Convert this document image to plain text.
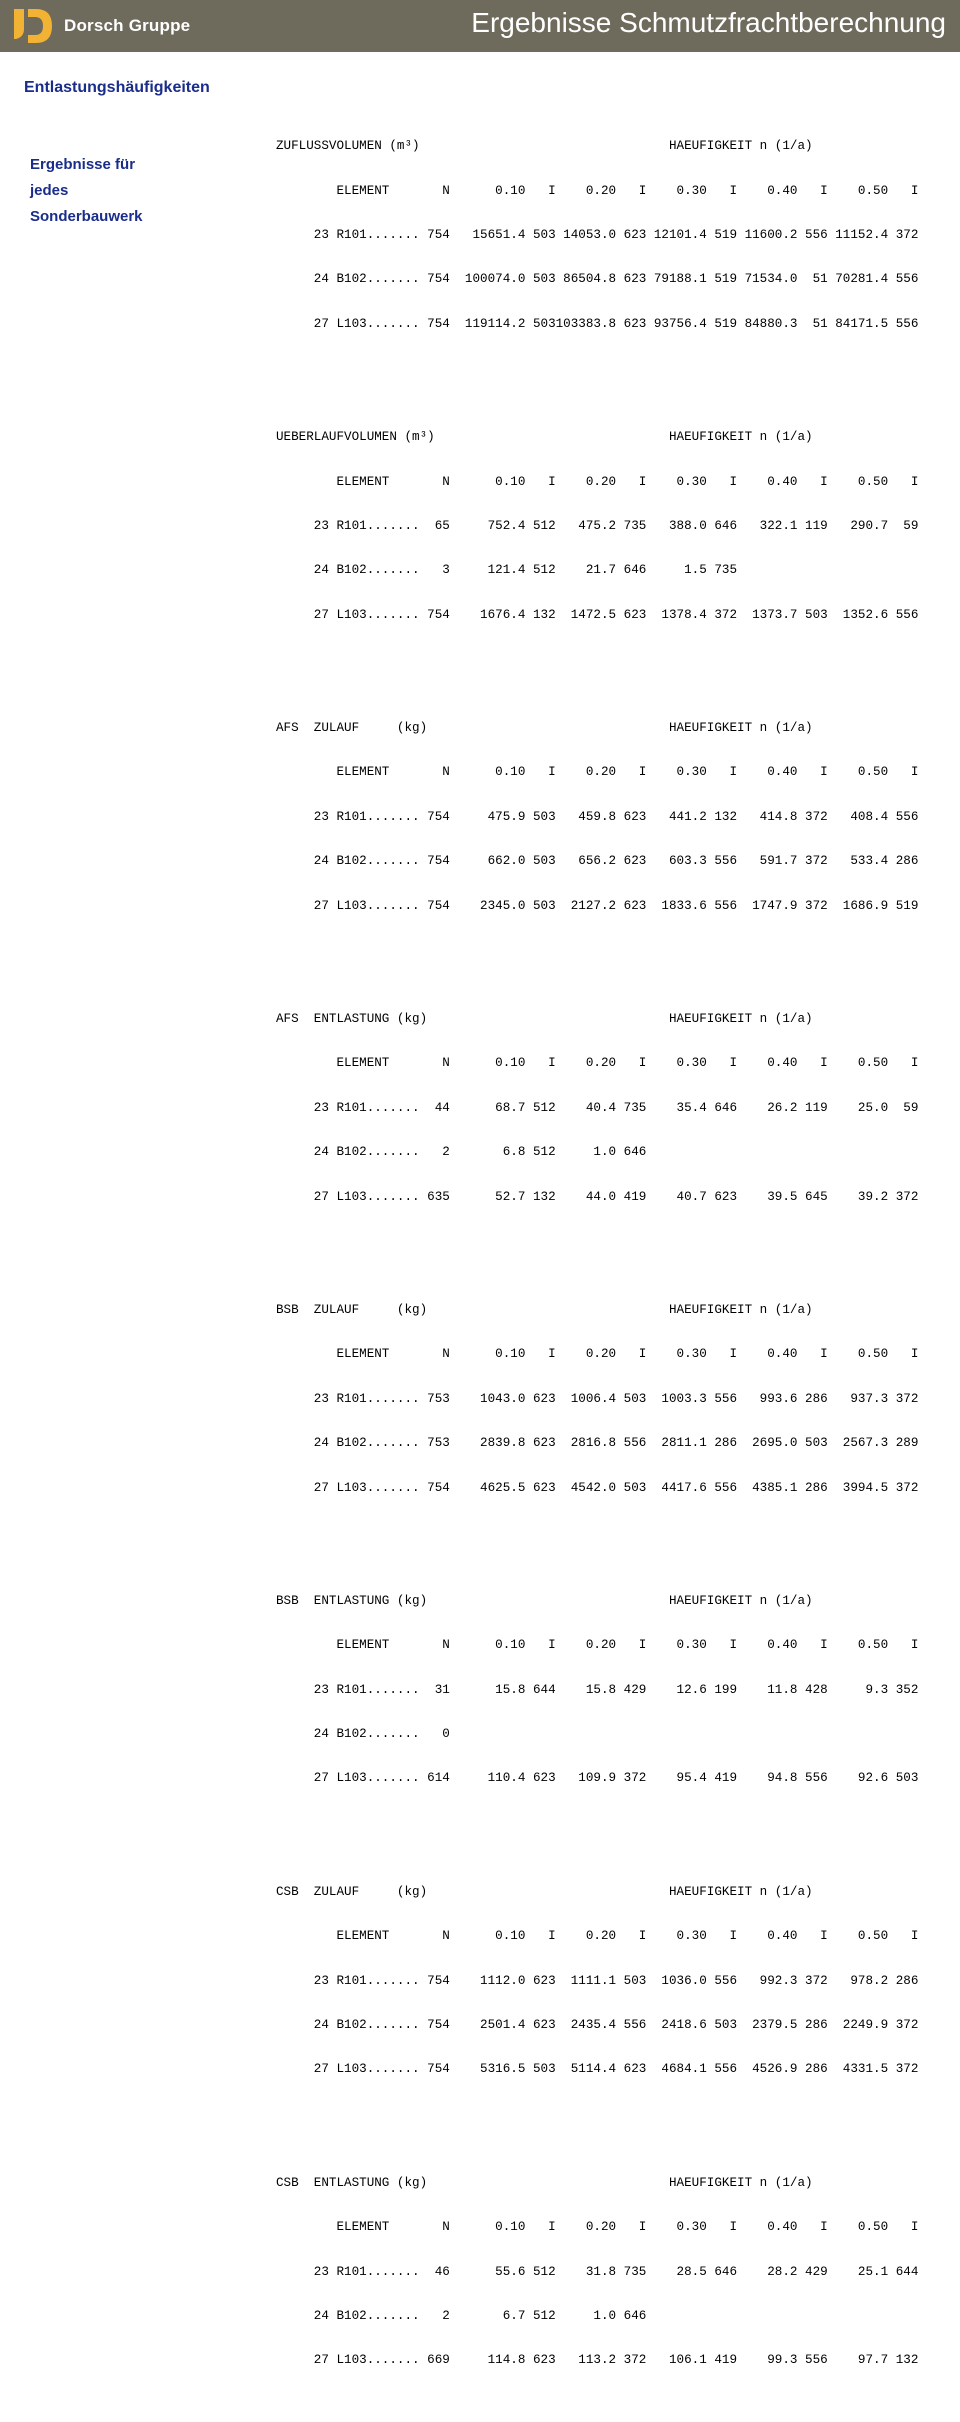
Dorsch Gruppe	Ergebnisse Schmutzfrachtberechnung
Entlastungshäufigkeiten
Ergebnisse für
jedes
Sonderbauwerk

ZUFLUSSVOLUMEN (m³)                                 HAEUFIGKEIT n (1/a)

ELEMENT       N      0.10   I    0.20   I    0.30   I    0.40   I    0.50   I

23 R101....... 754   15651.4 503 14053.0 623 12101.4 519 11600.2 556 11152.4 372

24 B102....... 754  100074.0 503 86504.8 623 79188.1 519 71534.0  51 70281.4 556

27 L103....... 754  119114.2 503103383.8 623 93756.4 519 84880.3  51 84171.5 556

UEBERLAUFVOLUMEN (m³)                               HAEUFIGKEIT n (1/a)

ELEMENT       N      0.10   I    0.20   I    0.30   I    0.40   I    0.50   I

23 R101.......  65     752.4 512   475.2 735   388.0 646   322.1 119   290.7  59

24 B102.......   3     121.4 512    21.7 646     1.5 735

27 L103....... 754    1676.4 132  1472.5 623  1378.4 372  1373.7 503  1352.6 556

AFS  ZULAUF     (kg)                                HAEUFIGKEIT n (1/a)

ELEMENT       N      0.10   I    0.20   I    0.30   I    0.40   I    0.50   I

23 R101....... 754     475.9 503   459.8 623   441.2 132   414.8 372   408.4 556

24 B102....... 754     662.0 503   656.2 623   603.3 556   591.7 372   533.4 286

27 L103....... 754    2345.0 503  2127.2 623  1833.6 556  1747.9 372  1686.9 519

AFS  ENTLASTUNG (kg)                                HAEUFIGKEIT n (1/a)

ELEMENT       N      0.10   I    0.20   I    0.30   I    0.40   I    0.50   I

23 R101.......  44      68.7 512    40.4 735    35.4 646    26.2 119    25.0  59

24 B102.......   2       6.8 512     1.0 646

27 L103....... 635      52.7 132    44.0 419    40.7 623    39.5 645    39.2 372

BSB  ZULAUF     (kg)                                HAEUFIGKEIT n (1/a)

ELEMENT       N      0.10   I    0.20   I    0.30   I    0.40   I    0.50   I

23 R101....... 753    1043.0 623  1006.4 503  1003.3 556   993.6 286   937.3 372

24 B102....... 753    2839.8 623  2816.8 556  2811.1 286  2695.0 503  2567.3 289

27 L103....... 754    4625.5 623  4542.0 503  4417.6 556  4385.1 286  3994.5 372

BSB  ENTLASTUNG (kg)                                HAEUFIGKEIT n (1/a)

ELEMENT       N      0.10   I    0.20   I    0.30   I    0.40   I    0.50   I

23 R101.......  31      15.8 644    15.8 429    12.6 199    11.8 428     9.3 352

24 B102.......   0

27 L103....... 614     110.4 623   109.9 372    95.4 419    94.8 556    92.6 503

CSB  ZULAUF     (kg)                                HAEUFIGKEIT n (1/a)

ELEMENT       N      0.10   I    0.20   I    0.30   I    0.40   I    0.50   I

23 R101....... 754    1112.0 623  1111.1 503  1036.0 556   992.3 372   978.2 286

24 B102....... 754    2501.4 623  2435.4 556  2418.6 503  2379.5 286  2249.9 372

27 L103....... 754    5316.5 503  5114.4 623  4684.1 556  4526.9 286  4331.5 372

CSB  ENTLASTUNG (kg)                                HAEUFIGKEIT n (1/a)

ELEMENT       N      0.10   I    0.20   I    0.30   I    0.40   I    0.50   I

23 R101.......  46      55.6 512    31.8 735    28.5 646    28.2 429    25.1 644

24 B102.......   2       6.7 512     1.0 646

27 L103....... 669     114.8 623   113.2 372   106.1 419    99.3 556    97.7 132
